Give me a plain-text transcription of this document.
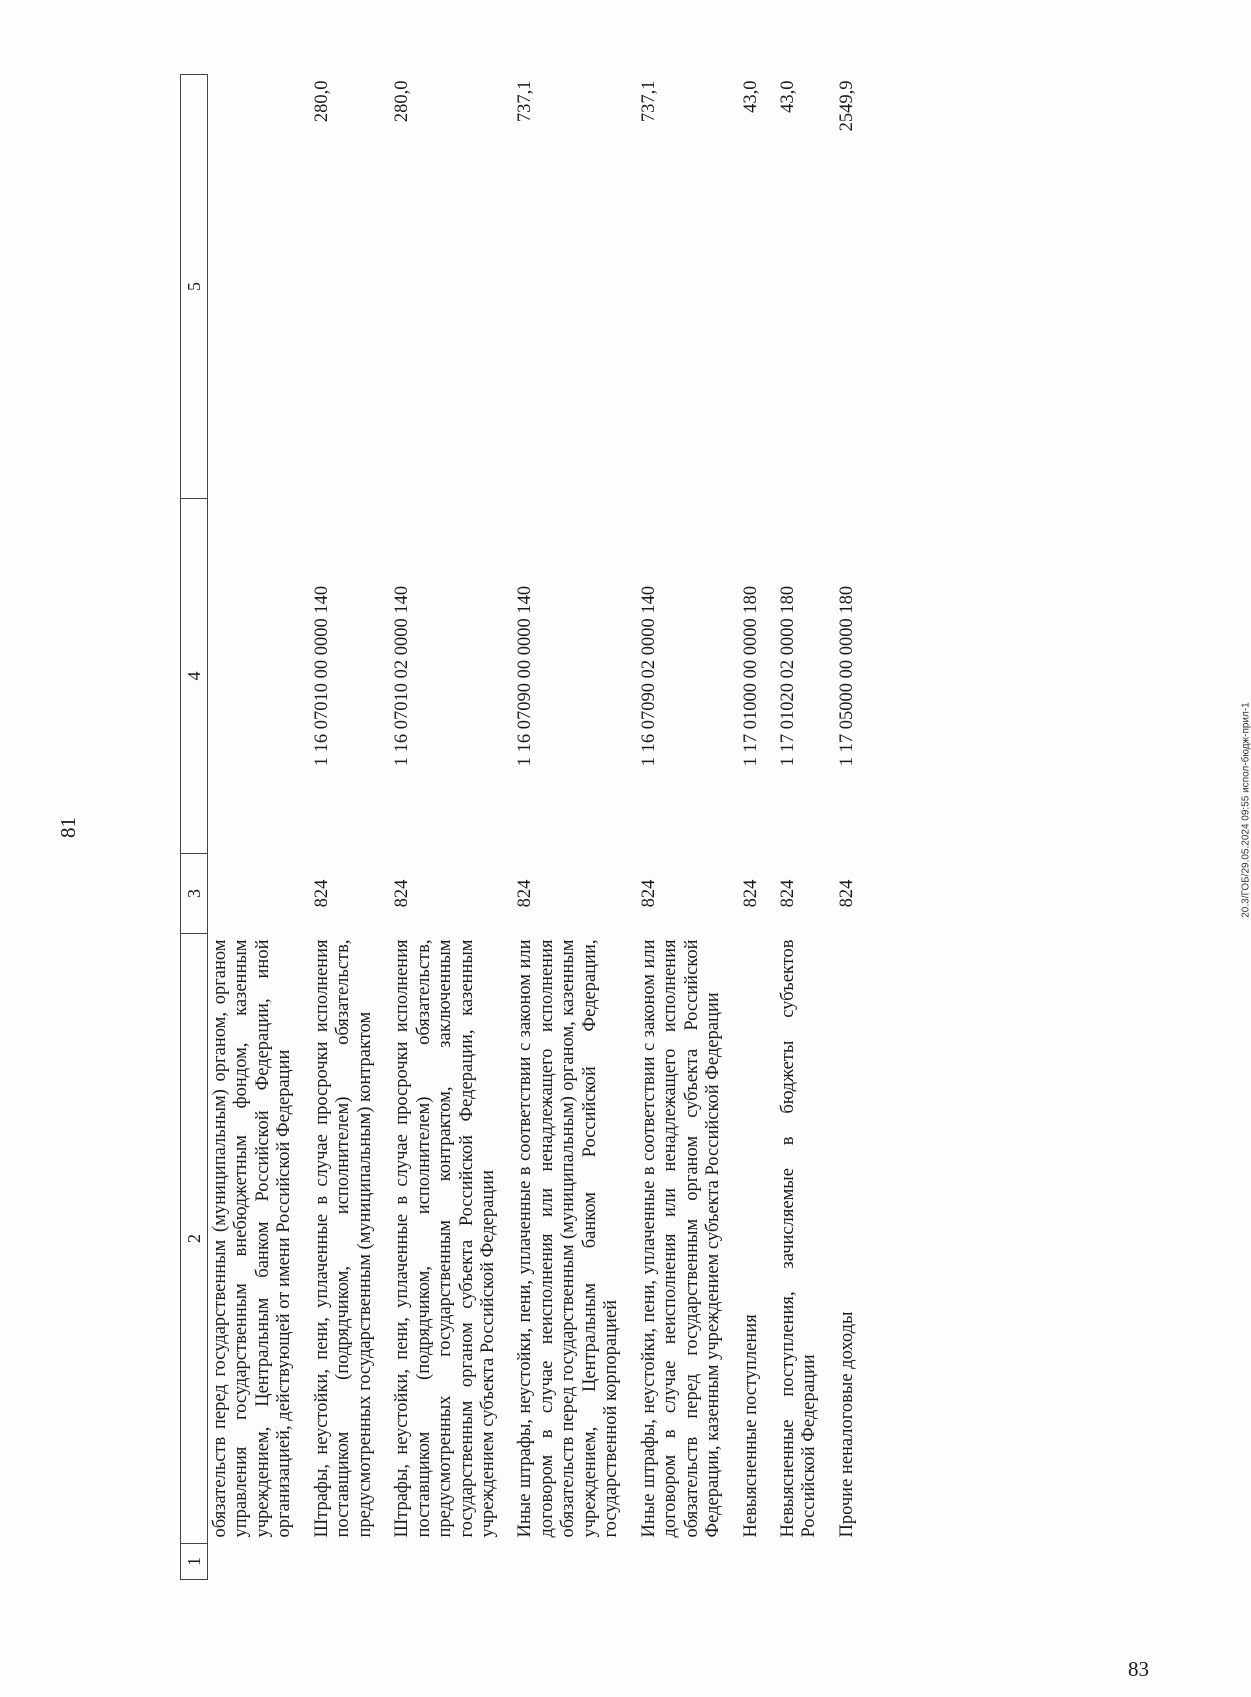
81
1	2	3	4	5
	обязательств перед государственным (муниципальным) органом, органом управления государственным внебюджетным фондом, казенным учреждением, Центральным банком Российской Федерации, иной организацией, действующей от имени Российской Федерации			
	Штрафы, неустойки, пени, уплаченные в случае просрочки исполнения поставщиком (подрядчиком, исполнителем) обязательств, предусмотренных государственным (муниципальным) контрактом	824	1 16 07010 00 0000 140	280,0
	Штрафы, неустойки, пени, уплаченные в случае просрочки исполнения поставщиком (подрядчиком, исполнителем) обязательств, предусмотренных государственным контрактом, заключенным государственным органом субъекта Российской Федерации, казенным учреждением субъекта Российской Федерации	824	1 16 07010 02 0000 140	280,0
	Иные штрафы, неустойки, пени, уплаченные в соответствии с законом или договором в случае неисполнения или ненадлежащего исполнения обязательств перед государственным (муниципальным) органом, казенным учреждением, Центральным банком Российской Федерации, государственной корпорацией	824	1 16 07090 00 0000 140	737,1
	Иные штрафы, неустойки, пени, уплаченные в соответствии с законом или договором в случае неисполнения или ненадлежащего исполнения обязательств перед государственным органом субъекта Российской Федерации, казенным учреждением субъекта Российской Федерации	824	1 16 07090 02 0000 140	737,1
	Невыясненные поступления	824	1 17 01000 00 0000 180	43,0
	Невыясненные поступления, зачисляемые в бюджеты субъектов Российской Федерации	824	1 17 01020 02 0000 180	43,0
	Прочие неналоговые доходы	824	1 17 05000 00 0000 180	2549,9
20.3/ГОБ/29.05.2024 09:55 испол-бюдж-прил-1
83
